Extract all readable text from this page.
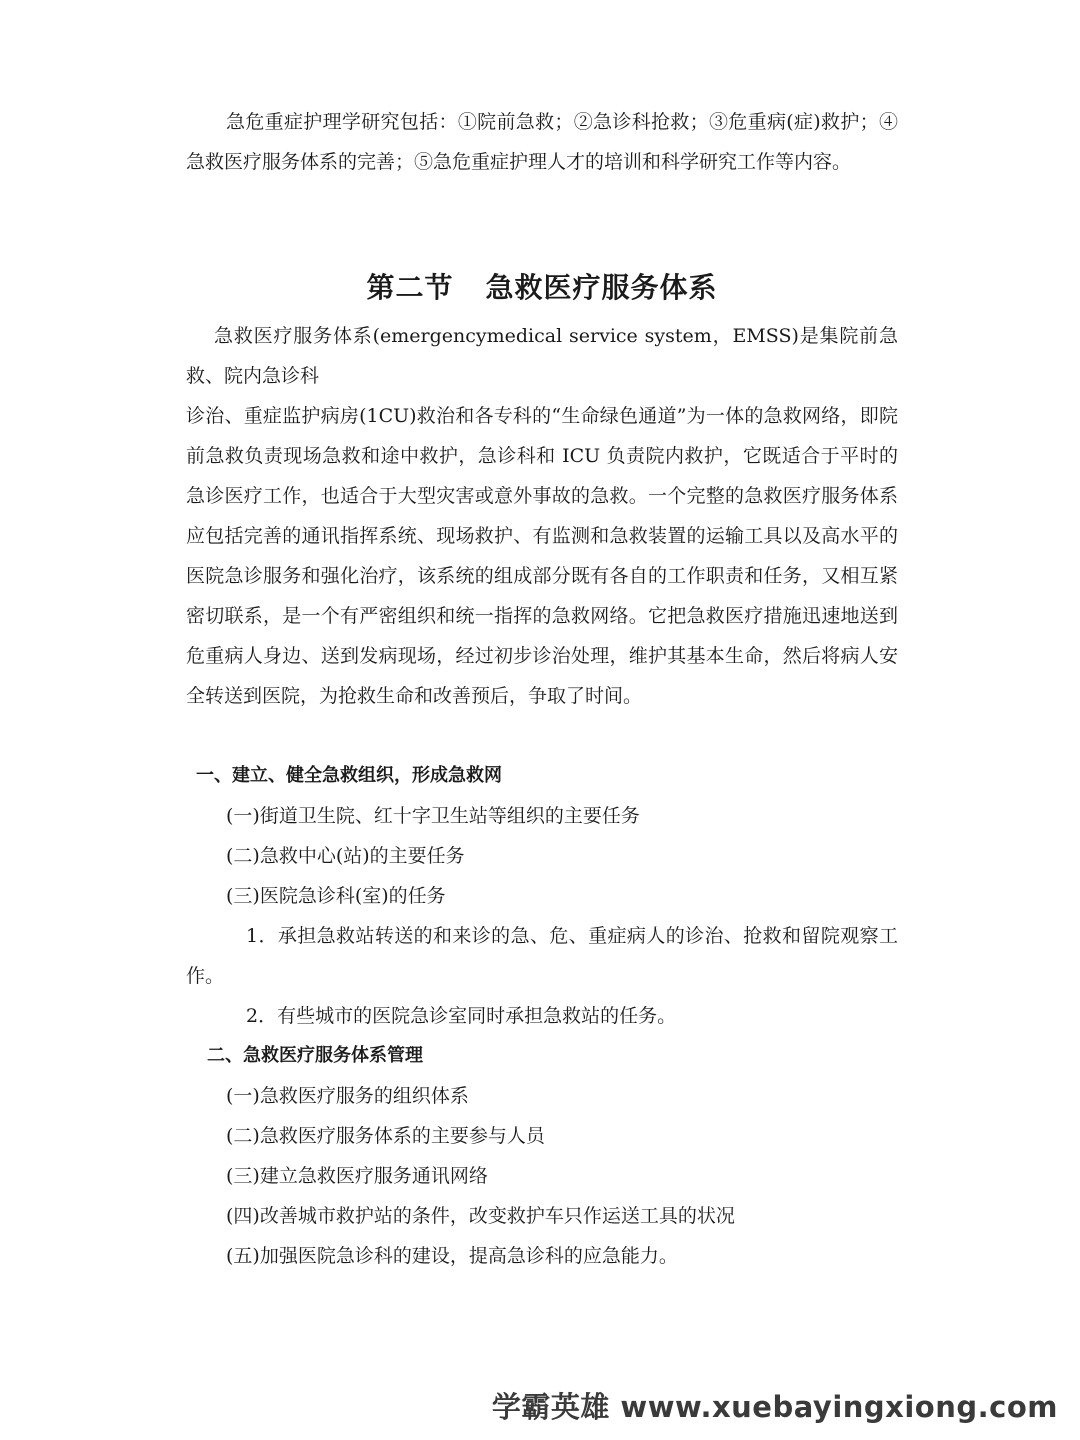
急危重症护理学研究包括：①院前急救；②急诊科抢救；③危重病(症)救护；④急救医疗服务体系的完善；⑤急危重症护理人才的培训和科学研究工作等内容。

第二节 急救医疗服务体系

急救医疗服务体系(emergencymedical service system，EMSS)是集院前急救、院内急诊科

诊治、重症监护病房(1CU)救治和各专科的“生命绿色通道”为一体的急救网络，即院前急救负责现场急救和途中救护，急诊科和 ICU 负责院内救护，它既适合于平时的急诊医疗工作，也适合于大型灾害或意外事故的急救。一个完整的急救医疗服务体系应包括完善的通讯指挥系统、现场救护、有监测和急救装置的运输工具以及高水平的医院急诊服务和强化治疗，该系统的组成部分既有各自的工作职责和任务，又相互紧密切联系，是一个有严密组织和统一指挥的急救网络。它把急救医疗措施迅速地送到危重病人身边、送到发病现场，经过初步诊治处理，维护其基本生命，然后将病人安全转送到医院，为抢救生命和改善预后，争取了时间。

一、建立、健全急救组织，形成急救网

(一)街道卫生院、红十字卫生站等组织的主要任务

(二)急救中心(站)的主要任务

(三)医院急诊科(室)的任务

1．承担急救站转送的和来诊的急、危、重症病人的诊治、抢救和留院观察工作。

2．有些城市的医院急诊室同时承担急救站的任务。

二、急救医疗服务体系管理

(一)急救医疗服务的组织体系

(二)急救医疗服务体系的主要参与人员

(三)建立急救医疗服务通讯网络

(四)改善城市救护站的条件，改变救护车只作运送工具的状况

(五)加强医院急诊科的建设，提高急诊科的应急能力。

学霸英雄 www.xuebayingxiong.com
